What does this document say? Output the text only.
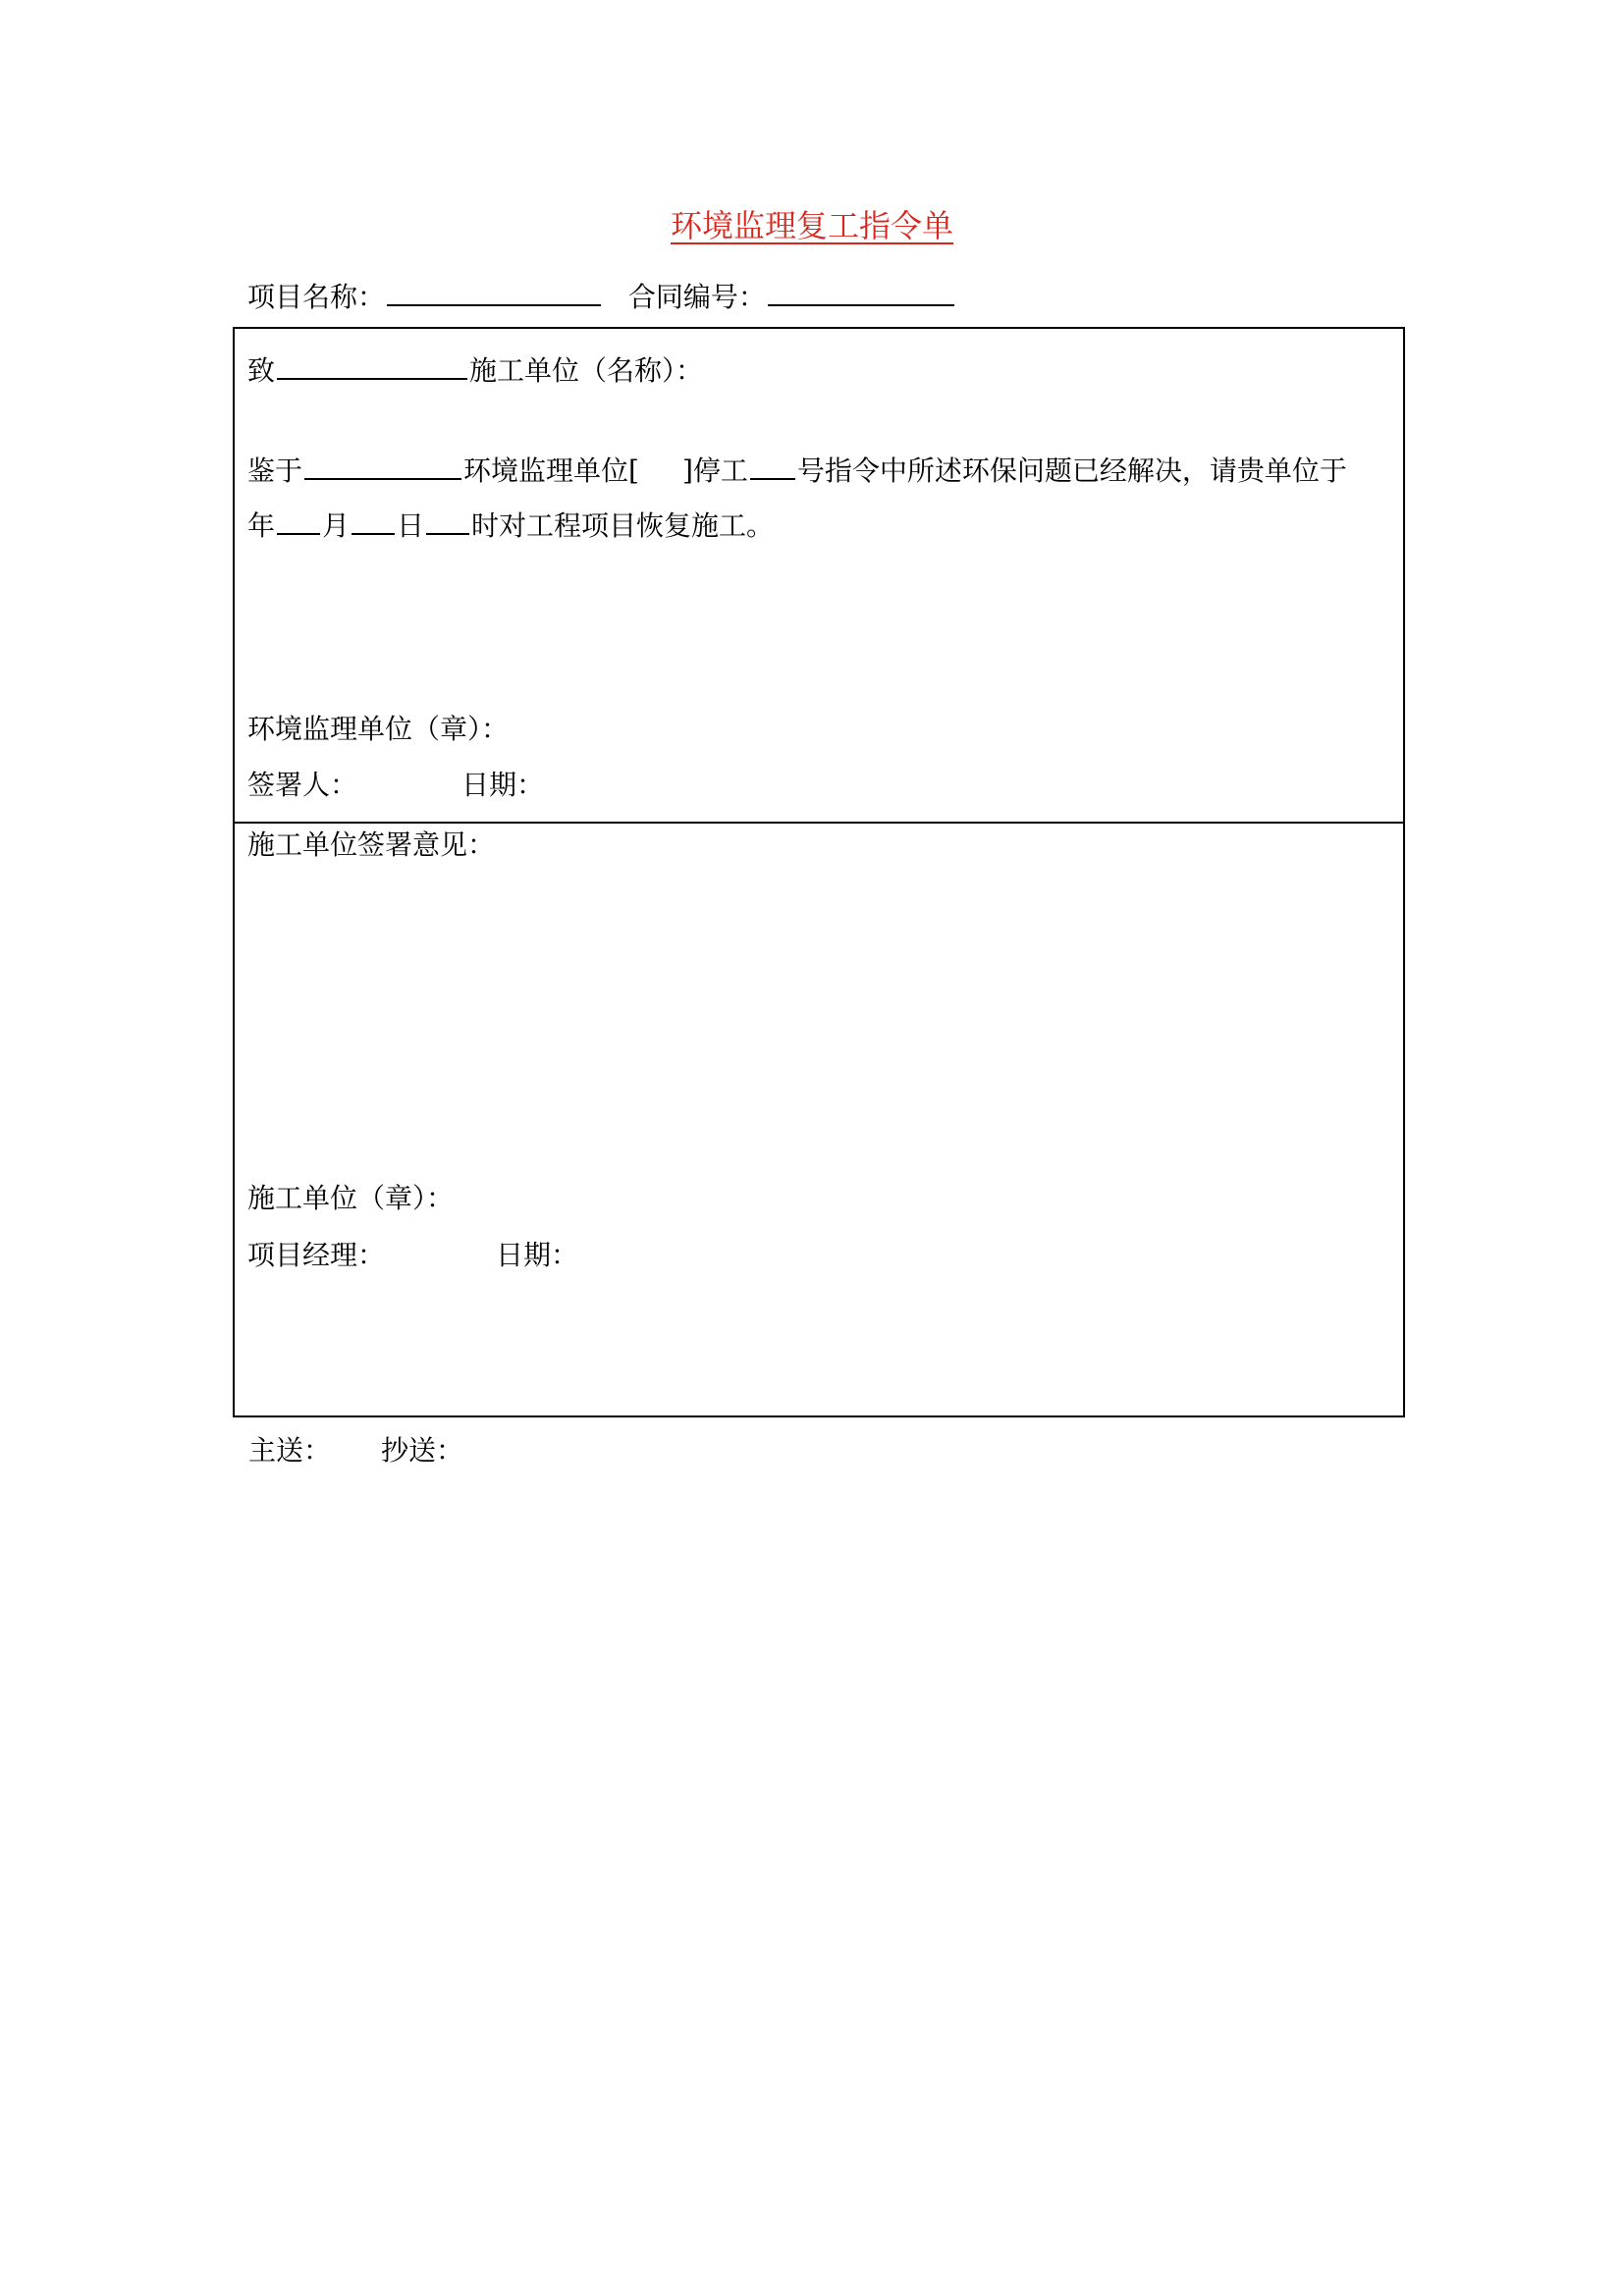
环境监理复工指令单
项目名称：	合同编号：
致	施工单位（名称）：
鉴于	环境监理单位[ ]停工 号指令中所述环保问题已经解决，请贵单位于
年 月 日 时对工程项目恢复施工。
环境监理单位（章）：
签署人：	日期：
施工单位签署意见：
施工单位（章）：
项目经理：	日期：
主送： 抄送：
